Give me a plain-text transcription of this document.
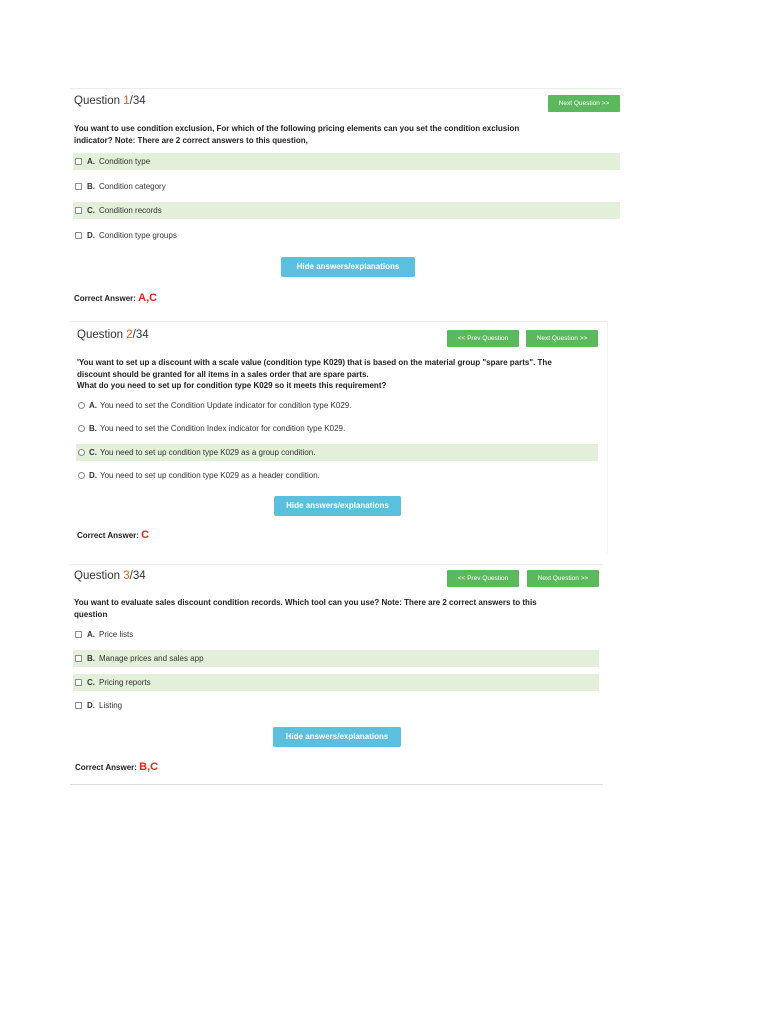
Question 1/34	Next Question >>
You want to use condition exclusion, For which of the following pricing elements can you set the condition exclusion
indicator? Note: There are 2 correct answers to this question,
A. Condition type
B. Condition category
C. Condition records
D. Condition type groups
Hide answers/explanations
Correct Answer: A,C
Question 2/34	<< Prev Question	Next Question >>
'You want to set up a discount with a scale value (condition type K029) that is based on the material group "spare parts". The
discount should be granted for all items in a sales order that are spare parts.
What do you need to set up for condition type K029 so it meets this requirement?
A. You need to set the Condition Update indicator for condition type K029.
B. You need to set the Condition Index indicator for condition type K029.
C. You need to set up condition type K029 as a group condition.
D. You need to set up condition type K029 as a header condition.
Hide answers/explanations
Correct Answer: C
Question 3/34	<< Prev Question	Next Question >>
You want to evaluate sales discount condition records. Which tool can you use? Note: There are 2 correct answers to this
question
A. Price lists
B. Manage prices and sales app
C. Pricing reports
D. Listing
Hide answers/explanations
Correct Answer: B,C
